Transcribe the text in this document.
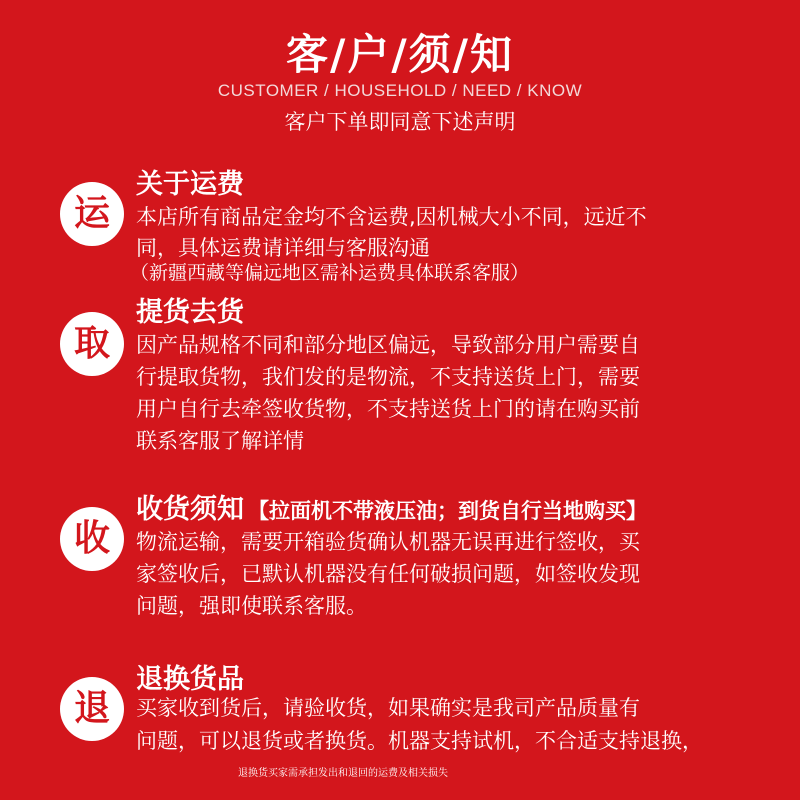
客/户/须/知
CUSTOMER / HOUSEHOLD / NEED / KNOW
客户下单即同意下述声明
运
关于运费
本店所有商品定金均不含运费,因机械大小不同，远近不
同，具体运费请详细与客服沟通
（新疆西藏等偏远地区需补运费具体联系客服）
取
提货去货
因产品规格不同和部分地区偏远，导致部分用户需要自
行提取货物，我们发的是物流，不支持送货上门，需要
用户自行去牵签收货物，不支持送货上门的请在购买前
联系客服了解详情
收
收货须知 【拉面机不带液压油；到货自行当地购买】
物流运输，需要开箱验货确认机器无误再进行签收，买
家签收后，已默认机器没有任何破损问题，如签收发现
问题，强即使联系客服。
退
退换货品
买家收到货后，请验收货，如果确实是我司产品质量有
问题，可以退货或者换货。机器支持试机，不合适支持退换，
退换货买家需承担发出和退回的运费及相关损失
